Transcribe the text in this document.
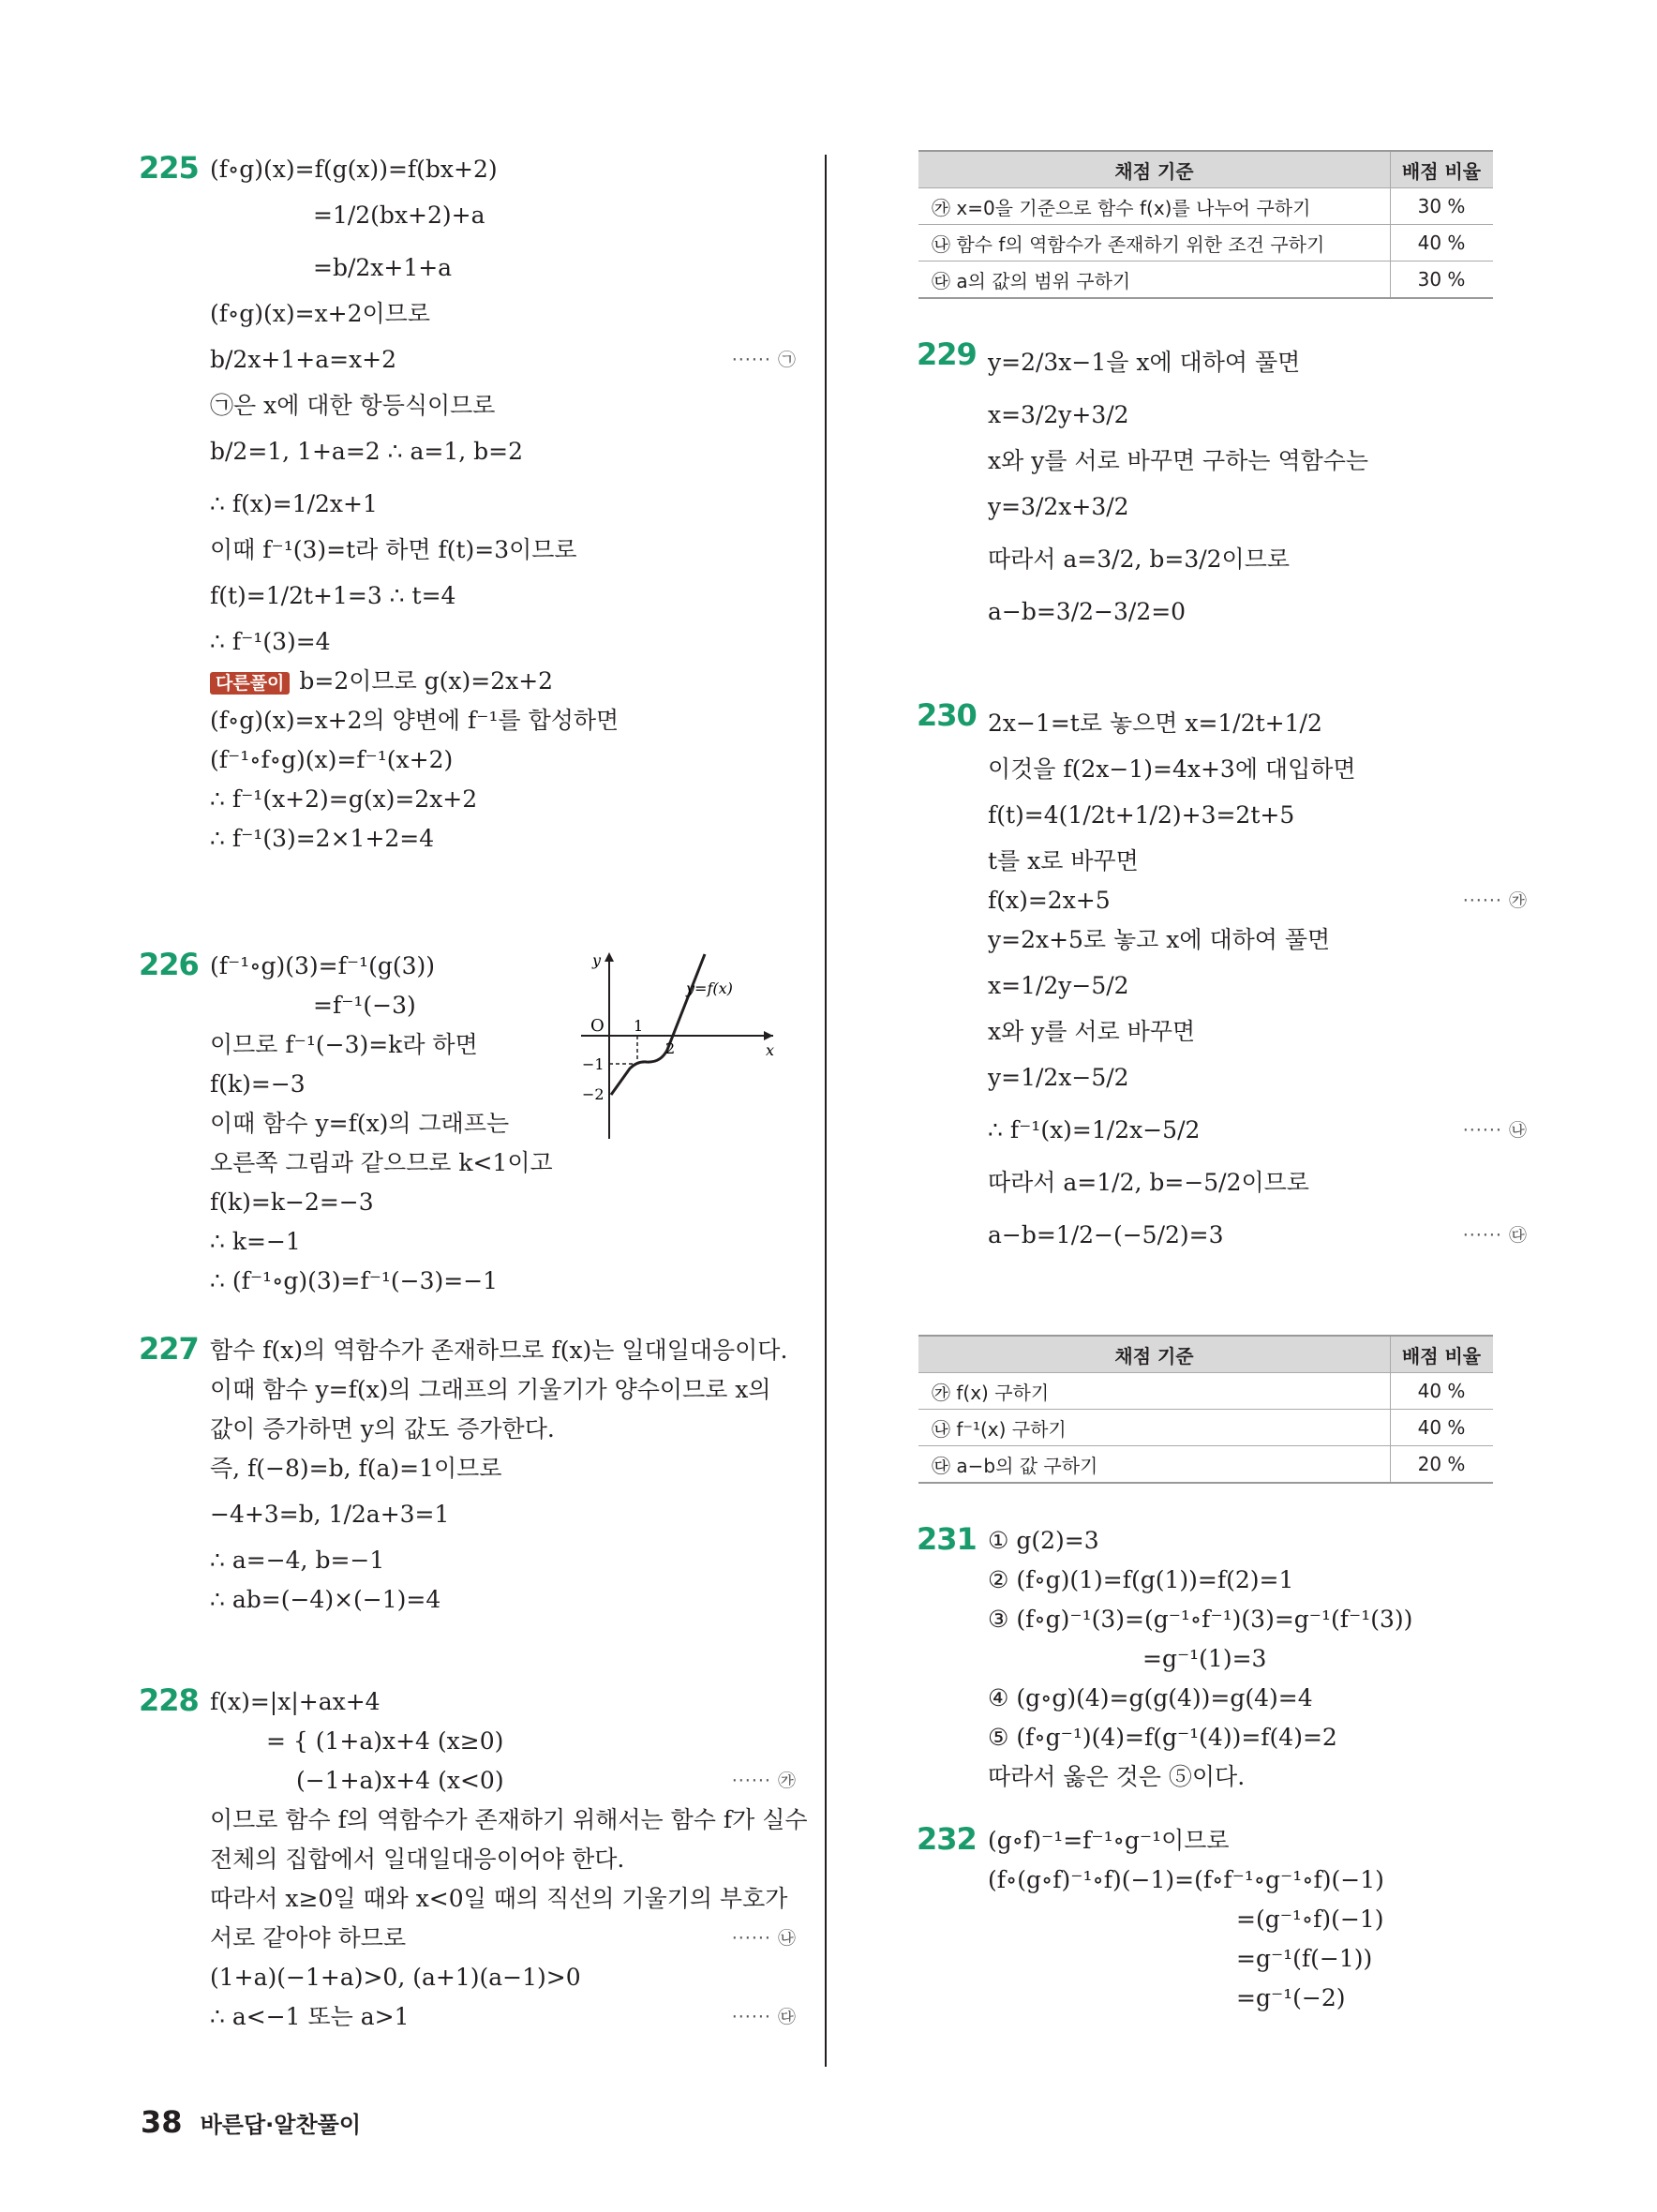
225 (f∘g)(x)=f(g(x))=f(bx+2)
=1/2(bx+2)+a
=b/2x+1+a
(f∘g)(x)=x+2이므로
b/2x+1+a=x+2	······ ㉠
㉠은 x에 대한 항등식이므로
b/2=1, 1+a=2 ∴ a=1, b=2
∴ f(x)=1/2x+1
이때 f⁻¹(3)=t라 하면 f(t)=3이므로
f(t)=1/2t+1=3 ∴ t=4
∴ f⁻¹(3)=4
다른풀이 b=2이므로 g(x)=2x+2
(f∘g)(x)=x+2의 양변에 f⁻¹를 합성하면
(f⁻¹∘f∘g)(x)=f⁻¹(x+2)
∴ f⁻¹(x+2)=g(x)=2x+2
∴ f⁻¹(3)=2×1+2=4
226 (f⁻¹∘g)(3)=f⁻¹(g(3))
=f⁻¹(−3)
이므로 f⁻¹(−3)=k라 하면
f(k)=−3
이때 함수 y=f(x)의 그래프는
오른쪽 그림과 같으므로 k<1이고
f(k)=k−2=−3
∴ k=−1
∴ (f⁻¹∘g)(3)=f⁻¹(−3)=−1
y
x
O 1
2
−1
−2
y=f(x)
227 함수 f(x)의 역함수가 존재하므로 f(x)는 일대일대응이다.
이때 함수 y=f(x)의 그래프의 기울기가 양수이므로 x의
값이 증가하면 y의 값도 증가한다.
즉, f(−8)=b, f(a)=1이므로
−4+3=b, 1/2a+3=1
∴ a=−4, b=−1
∴ ab=(−4)×(−1)=4
228 f(x)=|x|+ax+4
= { (1+a)x+4 (x≥0)
(−1+a)x+4 (x<0)	······ ㉮
이므로 함수 f의 역함수가 존재하기 위해서는 함수 f가 실수
전체의 집합에서 일대일대응이어야 한다.
따라서 x≥0일 때와 x<0일 때의 직선의 기울기의 부호가
서로 같아야 하므로	······ ㉯
(1+a)(−1+a)>0, (a+1)(a−1)>0
∴ a<−1 또는 a>1	······ ㉰
채점 기준	배점 비율
㉮ x=0을 기준으로 함수 f(x)를 나누어 구하기	30 %
㉯ 함수 f의 역함수가 존재하기 위한 조건 구하기	40 %
㉰ a의 값의 범위 구하기	30 %
229 y=2/3x−1을 x에 대하여 풀면
x=3/2y+3/2
x와 y를 서로 바꾸면 구하는 역함수는
y=3/2x+3/2
따라서 a=3/2, b=3/2이므로
a−b=3/2−3/2=0
230 2x−1=t로 놓으면 x=1/2t+1/2
이것을 f(2x−1)=4x+3에 대입하면
f(t)=4(1/2t+1/2)+3=2t+5
t를 x로 바꾸면
f(x)=2x+5	······ ㉮
y=2x+5로 놓고 x에 대하여 풀면
x=1/2y−5/2
x와 y를 서로 바꾸면
y=1/2x−5/2
∴ f⁻¹(x)=1/2x−5/2	······ ㉯
따라서 a=1/2, b=−5/2이므로
a−b=1/2−(−5/2)=3	······ ㉰
채점 기준	배점 비율
㉮ f(x) 구하기	40 %
㉯ f⁻¹(x) 구하기	40 %
㉰ a−b의 값 구하기	20 %
231 ① g(2)=3
② (f∘g)(1)=f(g(1))=f(2)=1
③ (f∘g)⁻¹(3)=(g⁻¹∘f⁻¹)(3)=g⁻¹(f⁻¹(3))
=g⁻¹(1)=3
④ (g∘g)(4)=g(g(4))=g(4)=4
⑤ (f∘g⁻¹)(4)=f(g⁻¹(4))=f(4)=2
따라서 옳은 것은 ⑤이다.
232 (g∘f)⁻¹=f⁻¹∘g⁻¹이므로
(f∘(g∘f)⁻¹∘f)(−1)=(f∘f⁻¹∘g⁻¹∘f)(−1)
=(g⁻¹∘f)(−1)
=g⁻¹(f(−1))
=g⁻¹(−2)
38 바른답·알찬풀이
